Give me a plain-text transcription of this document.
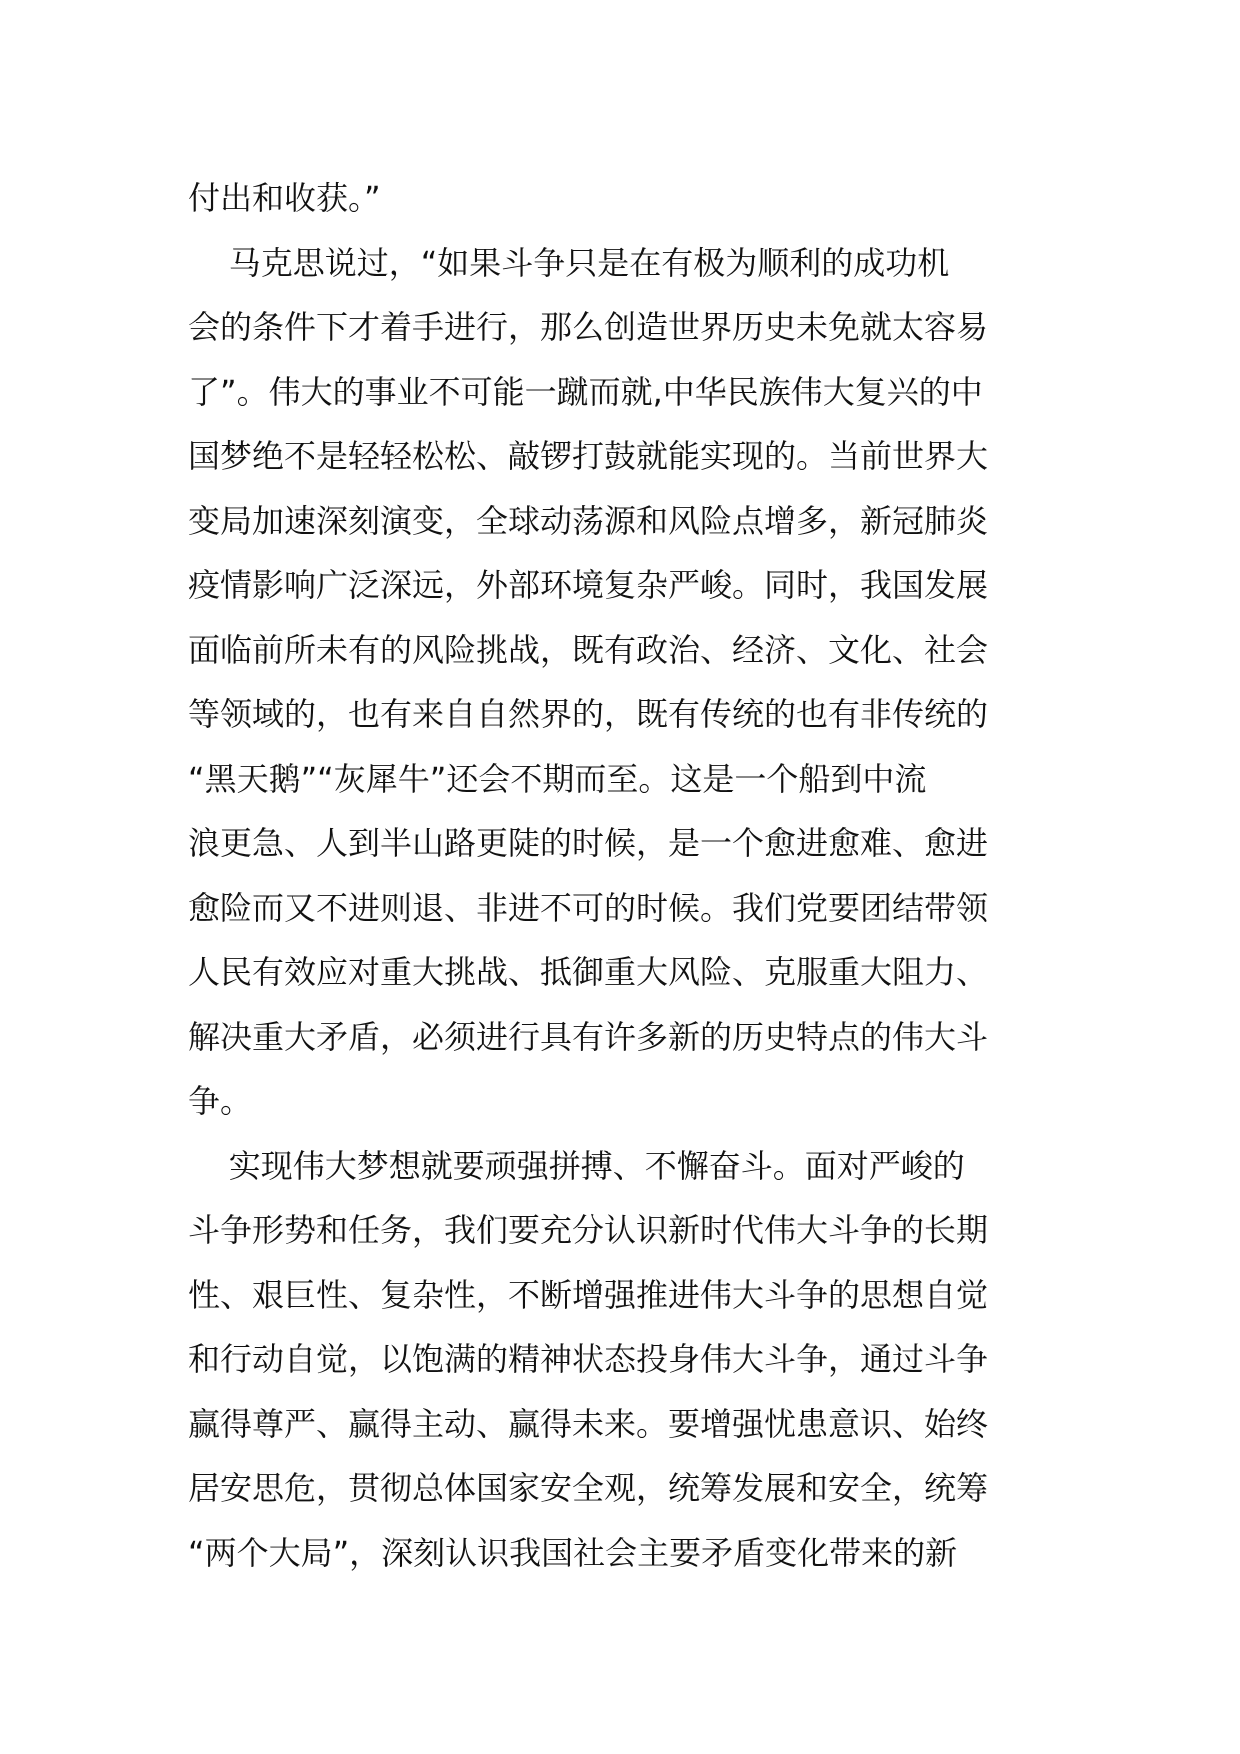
付出和收获。”
马克思说过，“如果斗争只是在有极为顺利的成功机
会的条件下才着手进行，那么创造世界历史未免就太容易
了”。伟大的事业不可能一蹴而就,中华民族伟大复兴的中
国梦绝不是轻轻松松、敲锣打鼓就能实现的。当前世界大
变局加速深刻演变，全球动荡源和风险点增多，新冠肺炎
疫情影响广泛深远，外部环境复杂严峻。同时，我国发展
面临前所未有的风险挑战，既有政治、经济、文化、社会
等领域的，也有来自自然界的，既有传统的也有非传统的
“黑天鹅”“灰犀牛”还会不期而至。这是一个船到中流
浪更急、人到半山路更陡的时候，是一个愈进愈难、愈进
愈险而又不进则退、非进不可的时候。我们党要团结带领
人民有效应对重大挑战、抵御重大风险、克服重大阻力、
解决重大矛盾，必须进行具有许多新的历史特点的伟大斗
争。
实现伟大梦想就要顽强拼搏、不懈奋斗。面对严峻的
斗争形势和任务，我们要充分认识新时代伟大斗争的长期
性、艰巨性、复杂性，不断增强推进伟大斗争的思想自觉
和行动自觉，以饱满的精神状态投身伟大斗争，通过斗争
赢得尊严、赢得主动、赢得未来。要增强忧患意识、始终
居安思危，贯彻总体国家安全观，统筹发展和安全，统筹
“两个大局”，深刻认识我国社会主要矛盾变化带来的新
